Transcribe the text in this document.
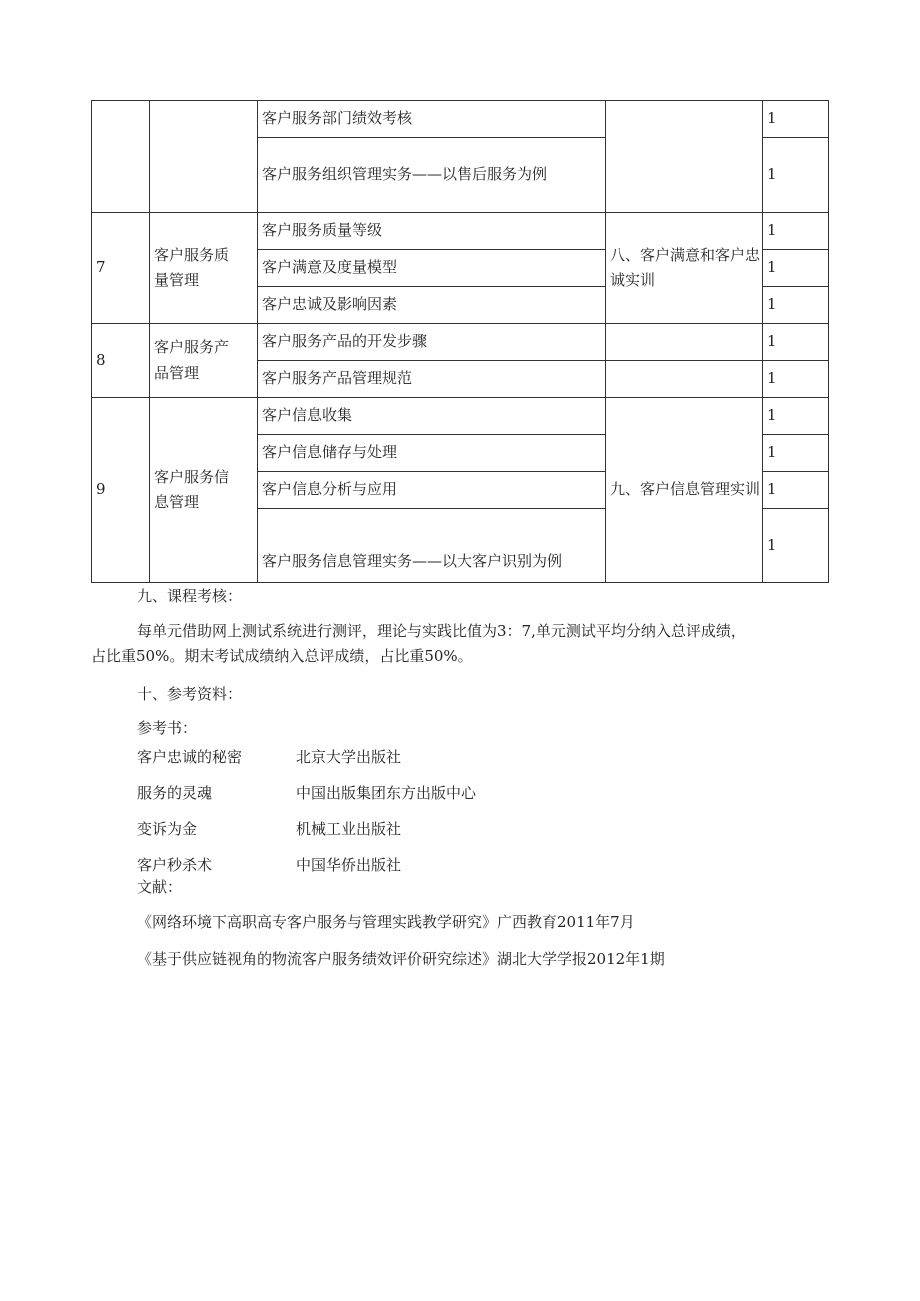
		客户服务部门绩效考核		1
		客户服务组织管理实务——以售后服务为例		1
7	客户服务质量管理	客户服务质量等级	八、客户满意和客户忠诚实训	1
		客户满意及度量模型		1
		客户忠诚及影响因素		1
8	客户服务产品管理	客户服务产品的开发步骤		1
		客户服务产品管理规范		1
9	客户服务信息管理	客户信息收集	九、客户信息管理实训	1
		客户信息储存与处理		1
		客户信息分析与应用		1
		客户服务信息管理实务——以大客户识别为例		1
九、课程考核：
每单元借助网上测试系统进行测评，理论与实践比值为3：7,单元测试平均分纳入总评成绩，
占比重50%。期末考试成绩纳入总评成绩，占比重50%。
十、参考资料：
参考书：
客户忠诚的秘密	北京大学出版社
服务的灵魂	中国出版集团东方出版中心
变诉为金	机械工业出版社
客户秒杀术	中国华侨出版社
文献：
《网络环境下高职高专客户服务与管理实践教学研究》广西教育2011年7月
《基于供应链视角的物流客户服务绩效评价研究综述》湖北大学学报2012年1期
